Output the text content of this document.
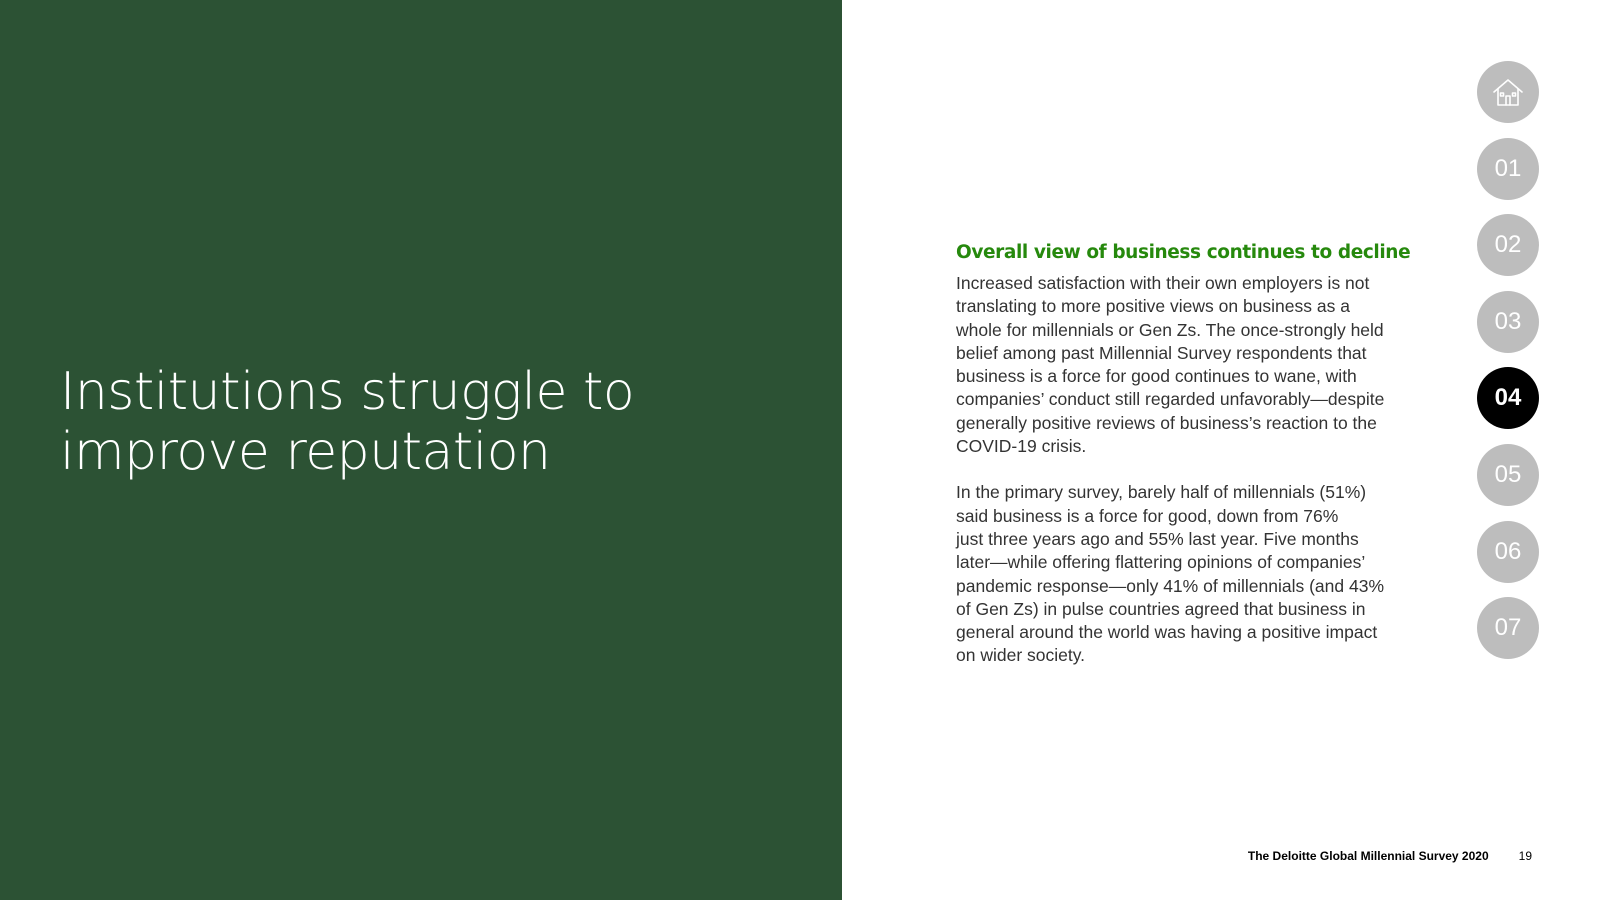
Institutions struggle to
improve reputation
Overall view of business continues to decline

Increased satisfaction with their own employers is not
translating to more positive views on business as a
whole for millennials or Gen Zs. The once-strongly held
belief among past Millennial Survey respondents that
business is a force for good continues to wane, with
companies’ conduct still regarded unfavorably—despite
generally positive reviews of business’s reaction to the
COVID-19 crisis.

In the primary survey, barely half of millennials (51%)
said business is a force for good, down from 76%
just three years ago and 55% last year. Five months
later—while offering flattering opinions of companies’
pandemic response—only 41% of millennials (and 43%
of Gen Zs) in pulse countries agreed that business in
general around the world was having a positive impact
on wider society.

01
02
03
04
05
06
07
The Deloitte Global Millennial Survey 2020	19
